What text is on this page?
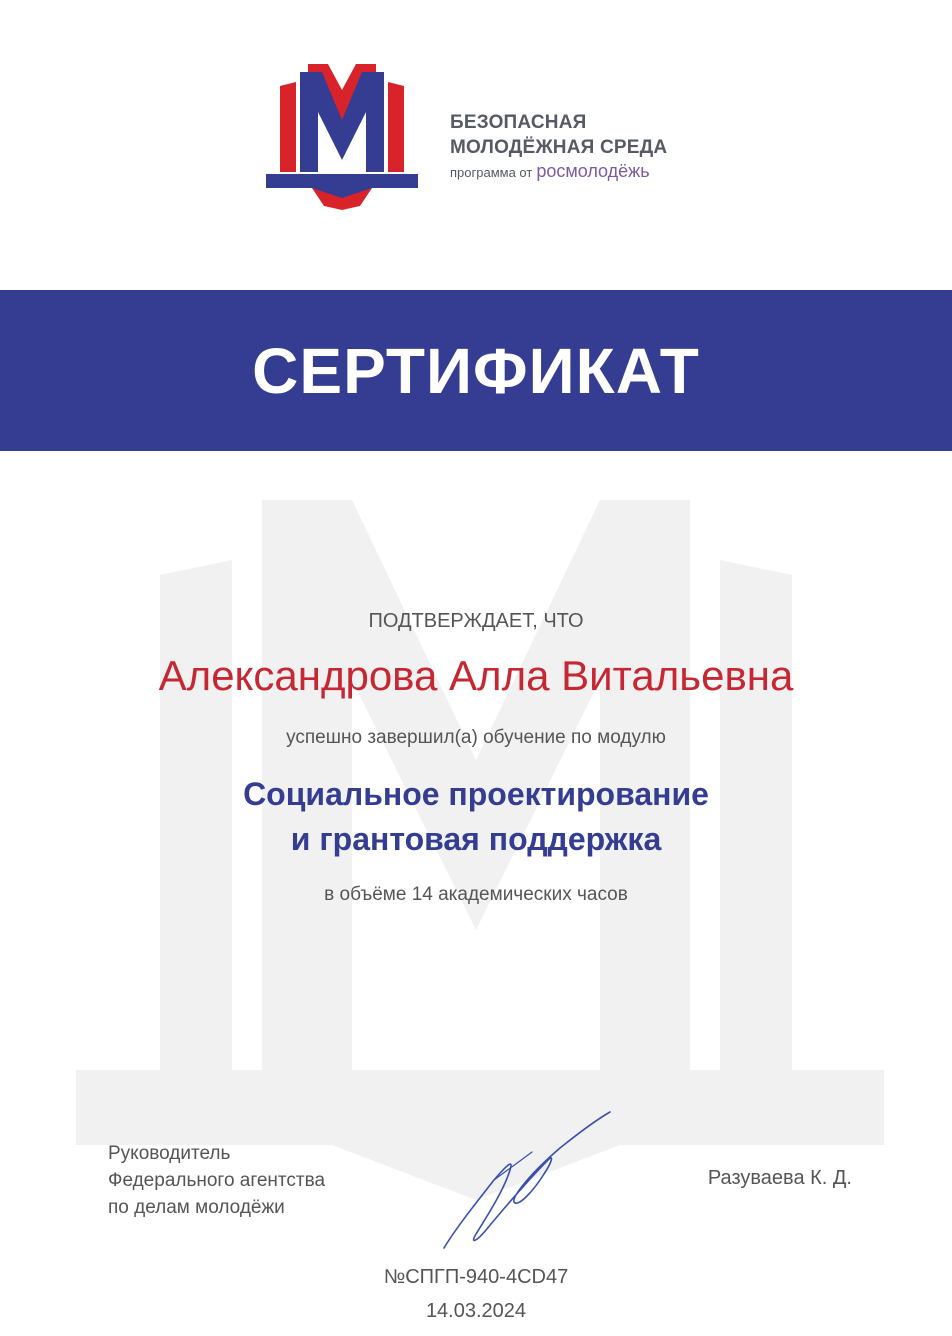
БЕЗОПАСНАЯ
МОЛОДЁЖНАЯ СРЕДА
программа от росмолодёжь
СЕРТИФИКАТ
ПОДТВЕРЖДАЕТ, ЧТО
Александрова Алла Витальевна
успешно завершил(а) обучение по модулю
Социальное проектирование
и грантовая поддержка
в объёме 14 академических часов
Руководитель
Федерального агентства
по делам молодёжи
Разуваева К. Д.
№СПГП-940-4CD47
14.03.2024
